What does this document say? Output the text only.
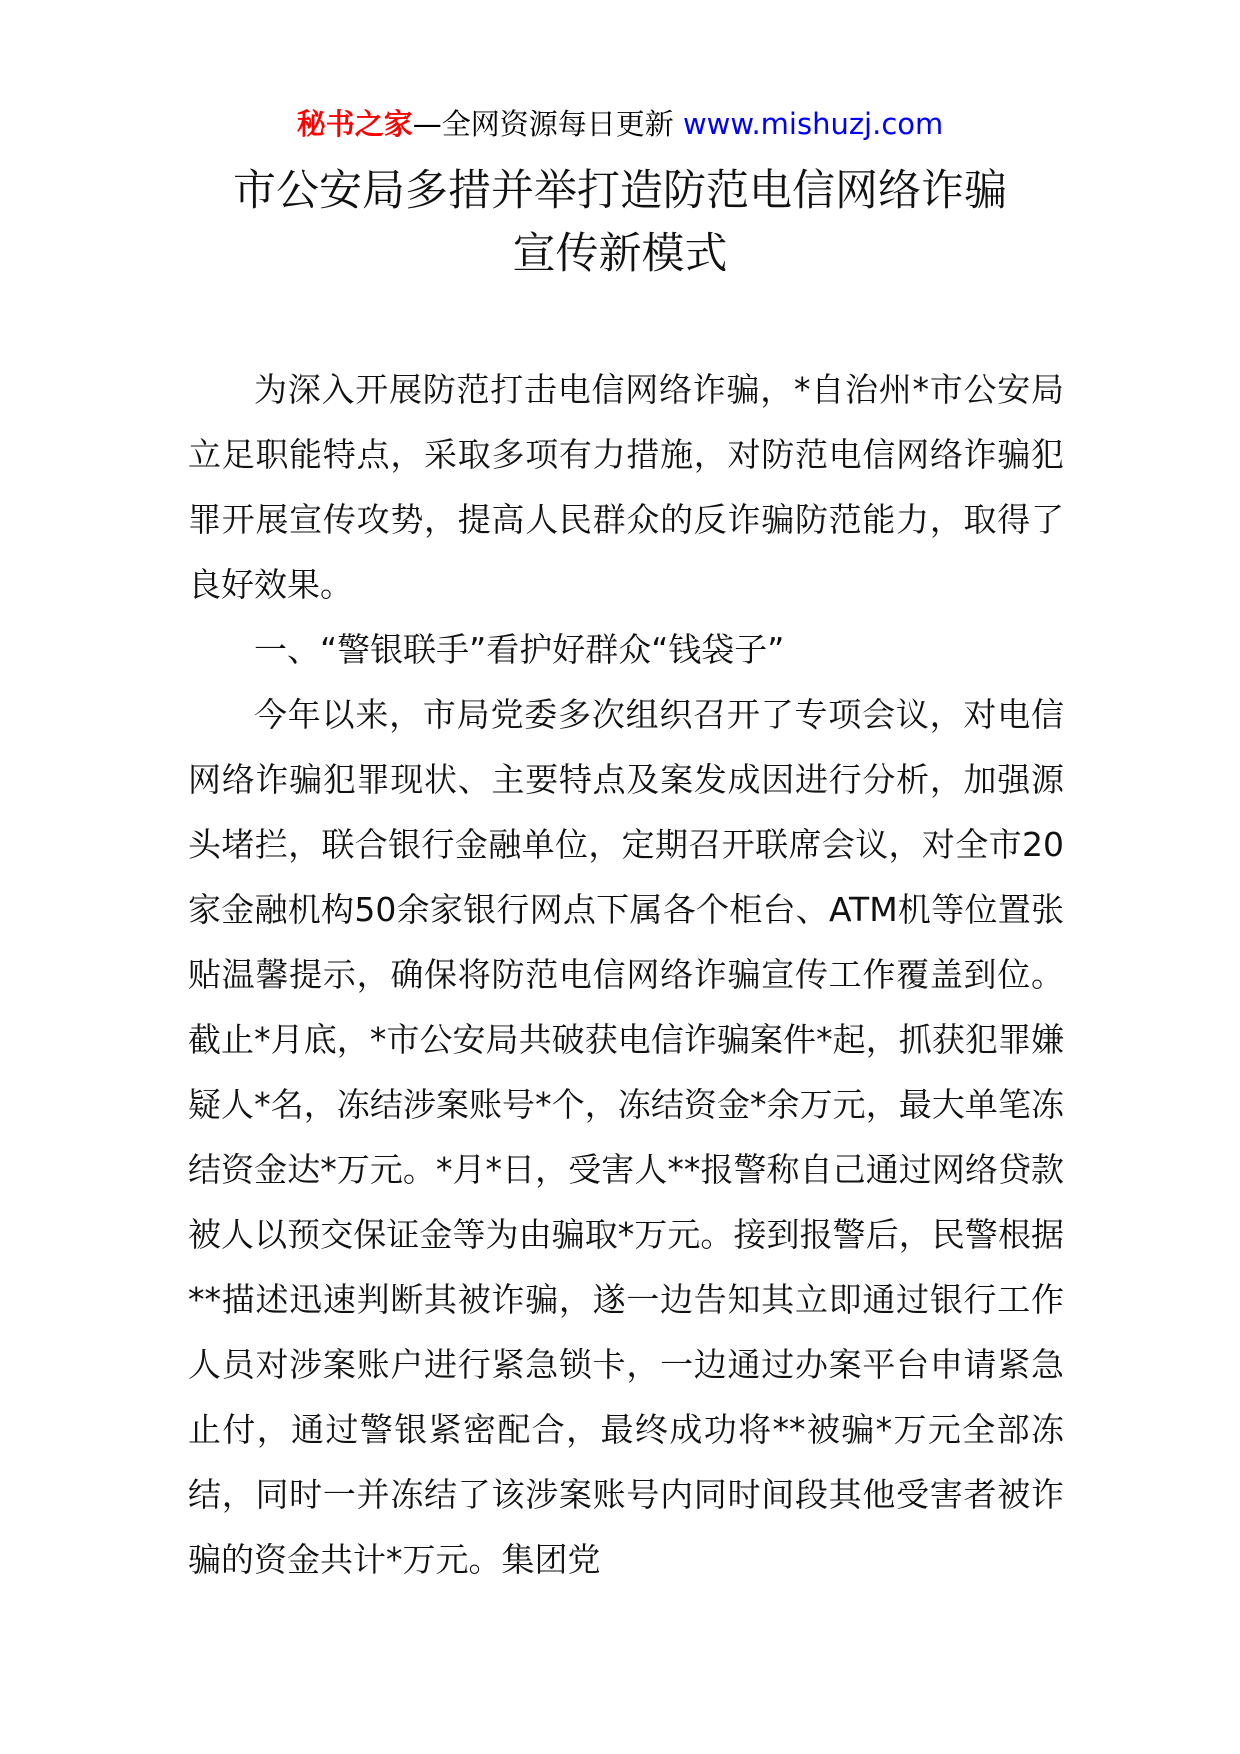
秘书之家—全网资源每日更新 www.mishuzj.com
市公安局多措并举打造防范电信网络诈骗
宣传新模式

为深入开展防范打击电信网络诈骗，*自治州*市公安局立足职能特点，采取多项有力措施，对防范电信网络诈骗犯罪开展宣传攻势，提高人民群众的反诈骗防范能力，取得了良好效果。

一、“警银联手”看护好群众“钱袋子”

今年以来，市局党委多次组织召开了专项会议，对电信网络诈骗犯罪现状、主要特点及案发成因进行分析，加强源头堵拦，联合银行金融单位，定期召开联席会议，对全市20家金融机构50余家银行网点下属各个柜台、ATM机等位置张贴温馨提示，确保将防范电信网络诈骗宣传工作覆盖到位。截止*月底，*市公安局共破获电信诈骗案件*起，抓获犯罪嫌疑人*名，冻结涉案账号*个，冻结资金*余万元，最大单笔冻结资金达*万元。*月*日，受害人**报警称自己通过网络贷款被人以预交保证金等为由骗取*万元。接到报警后，民警根据**描述迅速判断其被诈骗，遂一边告知其立即通过银行工作人员对涉案账户进行紧急锁卡，一边通过办案平台申请紧急止付，通过警银紧密配合，最终成功将**被骗*万元全部冻结，同时一并冻结了该涉案账号内同时间段其他受害者被诈骗的资金共计*万元。集团党
